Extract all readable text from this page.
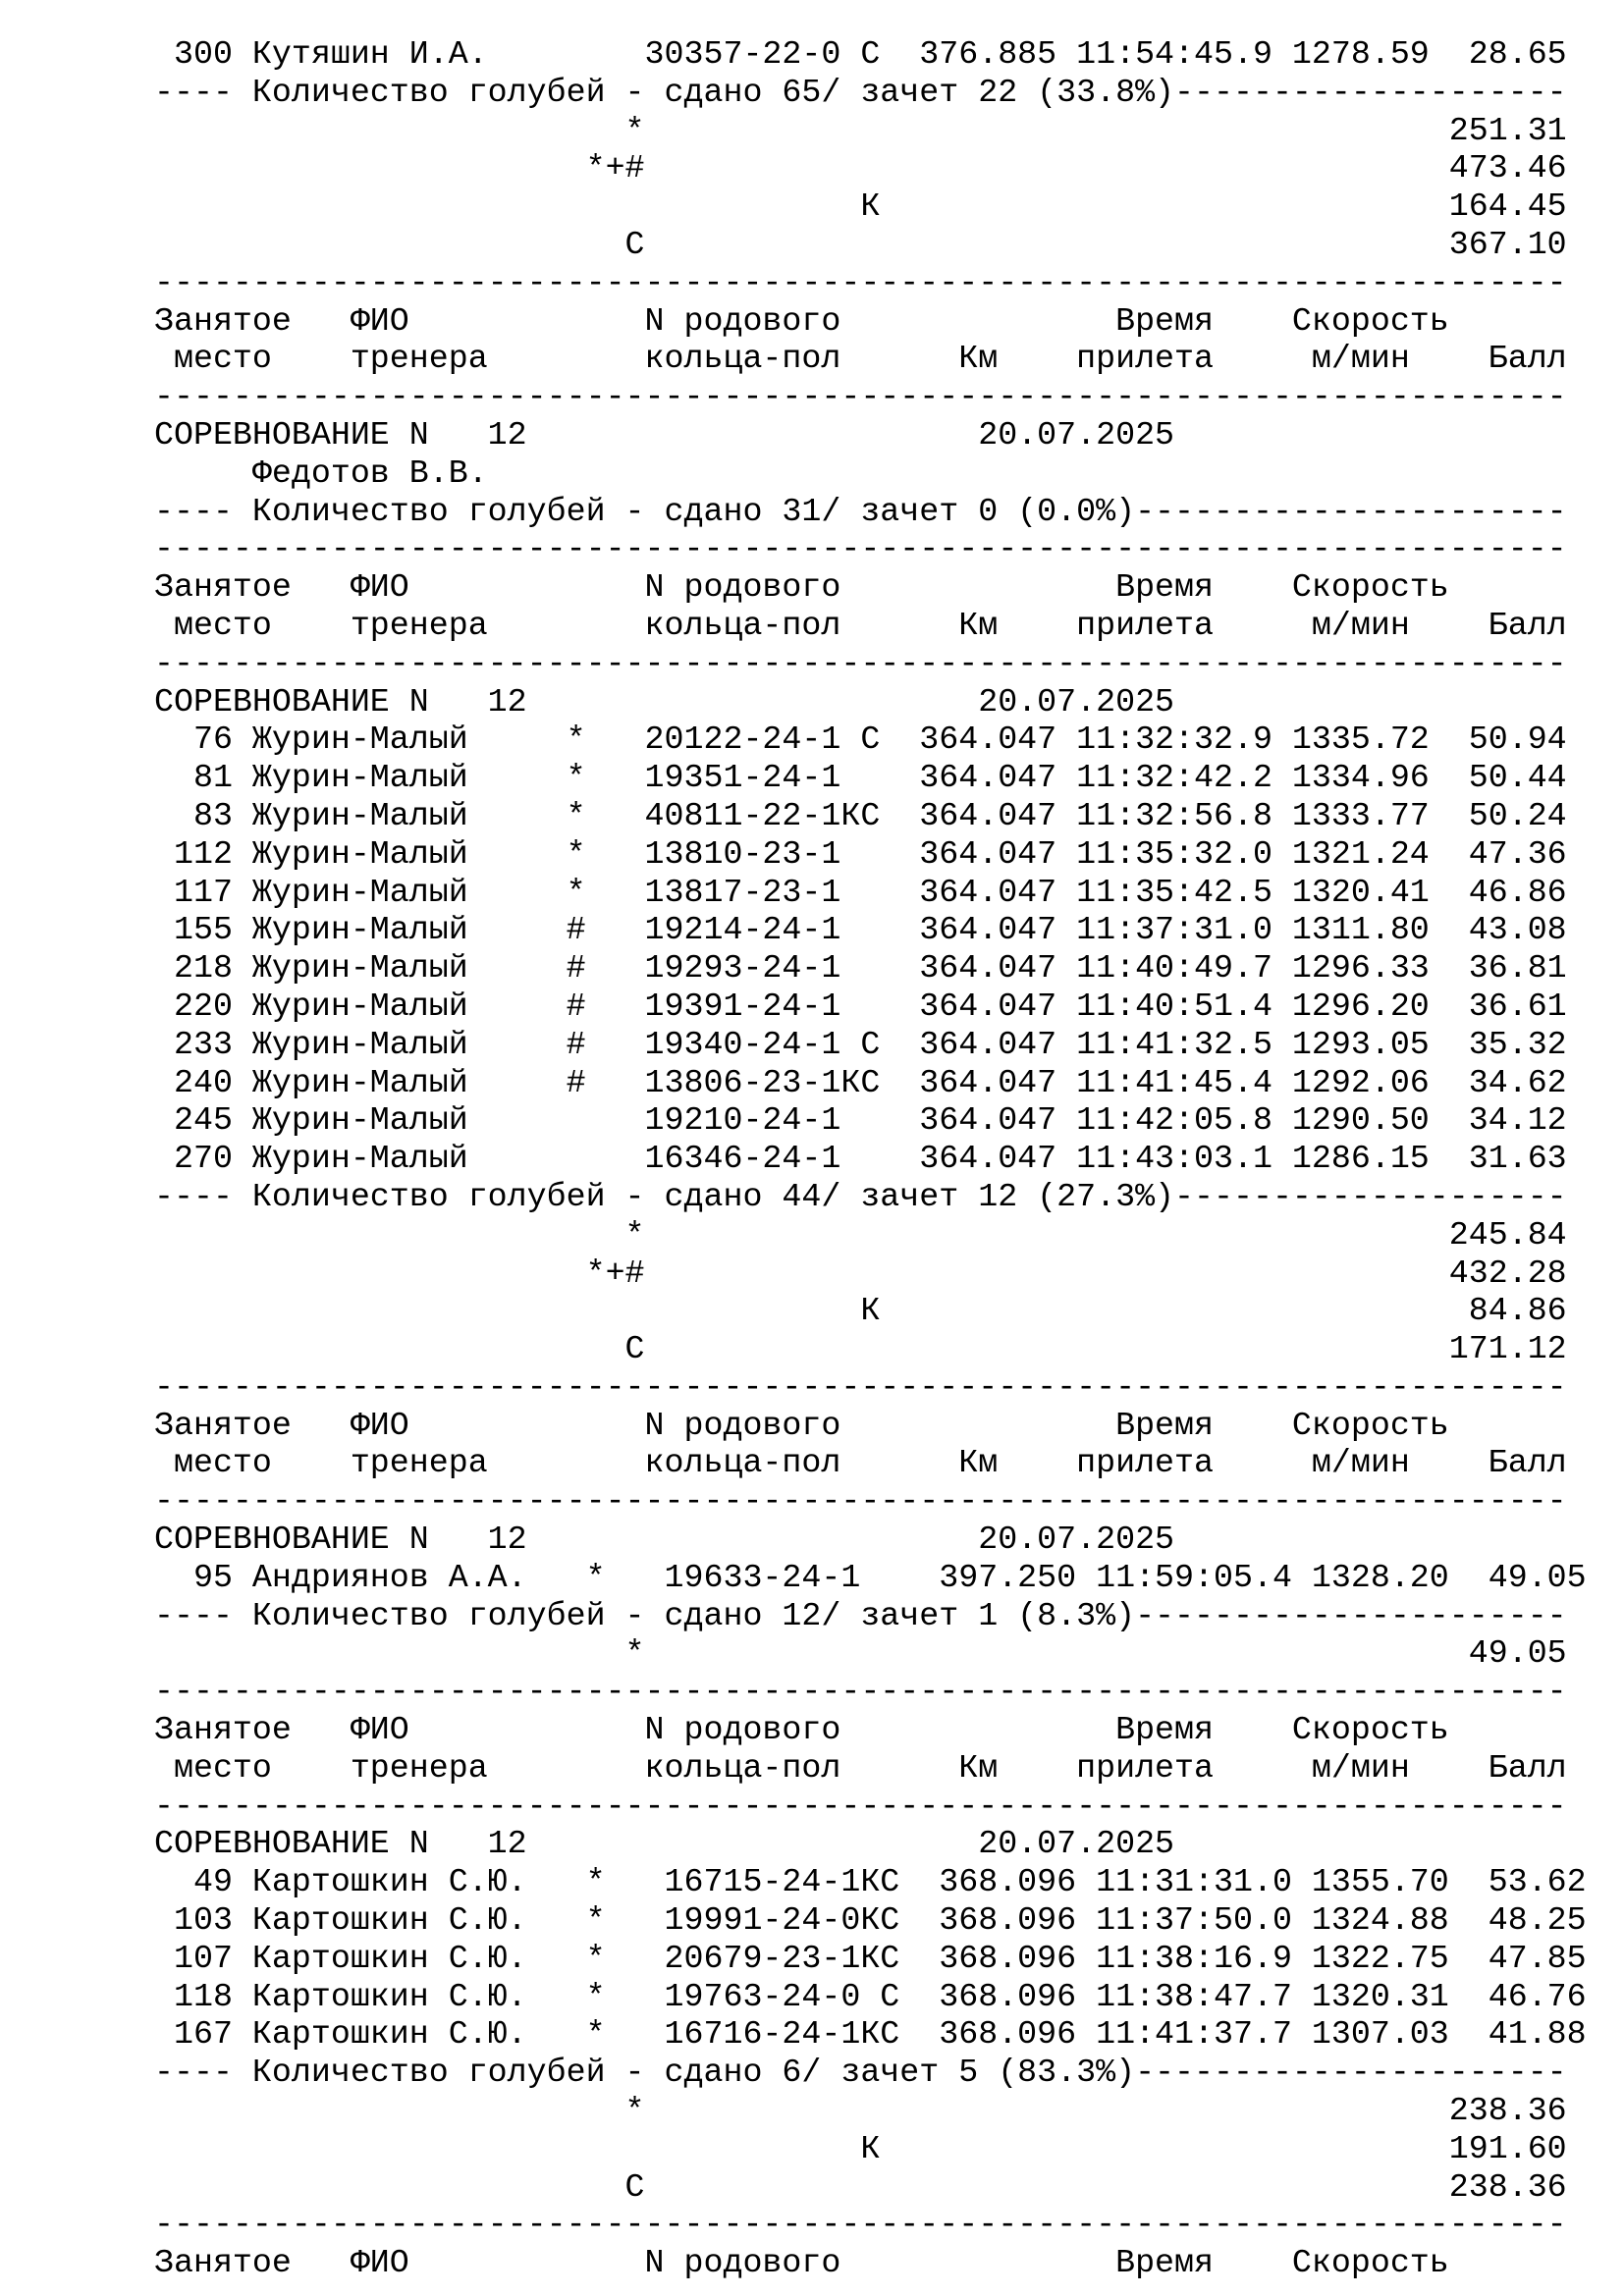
300 Кутяшин И.А.        30357-22-0 С  376.885 11:54:45.9 1278.59  28.65
---- Количество голубей - сдано 65/ зачет 22 (33.8%)--------------------
*                                         251.31
*+#                                         473.46
К                             164.45
С                                         367.10
------------------------------------------------------------------------
Занятое   ФИО            N родового              Время    Скорость
место    тренера        кольца-пол      Км    прилета     м/мин    Балл
------------------------------------------------------------------------
СОРЕВНОВАНИЕ N   12                       20.07.2025
Федотов В.В.
---- Количество голубей - сдано 31/ зачет 0 (0.0%)----------------------
------------------------------------------------------------------------
Занятое   ФИО            N родового              Время    Скорость
место    тренера        кольца-пол      Км    прилета     м/мин    Балл
------------------------------------------------------------------------
СОРЕВНОВАНИЕ N   12                       20.07.2025
76 Журин-Малый     *   20122-24-1 С  364.047 11:32:32.9 1335.72  50.94
81 Журин-Малый     *   19351-24-1    364.047 11:32:42.2 1334.96  50.44
83 Журин-Малый     *   40811-22-1КС  364.047 11:32:56.8 1333.77  50.24
112 Журин-Малый     *   13810-23-1    364.047 11:35:32.0 1321.24  47.36
117 Журин-Малый     *   13817-23-1    364.047 11:35:42.5 1320.41  46.86
155 Журин-Малый     #   19214-24-1    364.047 11:37:31.0 1311.80  43.08
218 Журин-Малый     #   19293-24-1    364.047 11:40:49.7 1296.33  36.81
220 Журин-Малый     #   19391-24-1    364.047 11:40:51.4 1296.20  36.61
233 Журин-Малый     #   19340-24-1 С  364.047 11:41:32.5 1293.05  35.32
240 Журин-Малый     #   13806-23-1КС  364.047 11:41:45.4 1292.06  34.62
245 Журин-Малый         19210-24-1    364.047 11:42:05.8 1290.50  34.12
270 Журин-Малый         16346-24-1    364.047 11:43:03.1 1286.15  31.63
---- Количество голубей - сдано 44/ зачет 12 (27.3%)--------------------
*                                         245.84
*+#                                         432.28
К                              84.86
С                                         171.12
------------------------------------------------------------------------
Занятое   ФИО            N родового              Время    Скорость
место    тренера        кольца-пол      Км    прилета     м/мин    Балл
------------------------------------------------------------------------
СОРЕВНОВАНИЕ N   12                       20.07.2025
95 Андриянов А.А.   *   19633-24-1    397.250 11:59:05.4 1328.20  49.05
---- Количество голубей - сдано 12/ зачет 1 (8.3%)----------------------
*                                          49.05
------------------------------------------------------------------------
Занятое   ФИО            N родового              Время    Скорость
место    тренера        кольца-пол      Км    прилета     м/мин    Балл
------------------------------------------------------------------------
СОРЕВНОВАНИЕ N   12                       20.07.2025
49 Картошкин С.Ю.   *   16715-24-1КС  368.096 11:31:31.0 1355.70  53.62
103 Картошкин С.Ю.   *   19991-24-0КС  368.096 11:37:50.0 1324.88  48.25
107 Картошкин С.Ю.   *   20679-23-1КС  368.096 11:38:16.9 1322.75  47.85
118 Картошкин С.Ю.   *   19763-24-0 С  368.096 11:38:47.7 1320.31  46.76
167 Картошкин С.Ю.   *   16716-24-1КС  368.096 11:41:37.7 1307.03  41.88
---- Количество голубей - сдано 6/ зачет 5 (83.3%)----------------------
*                                         238.36
К                             191.60
С                                         238.36
------------------------------------------------------------------------
Занятое   ФИО            N родового              Время    Скорость
